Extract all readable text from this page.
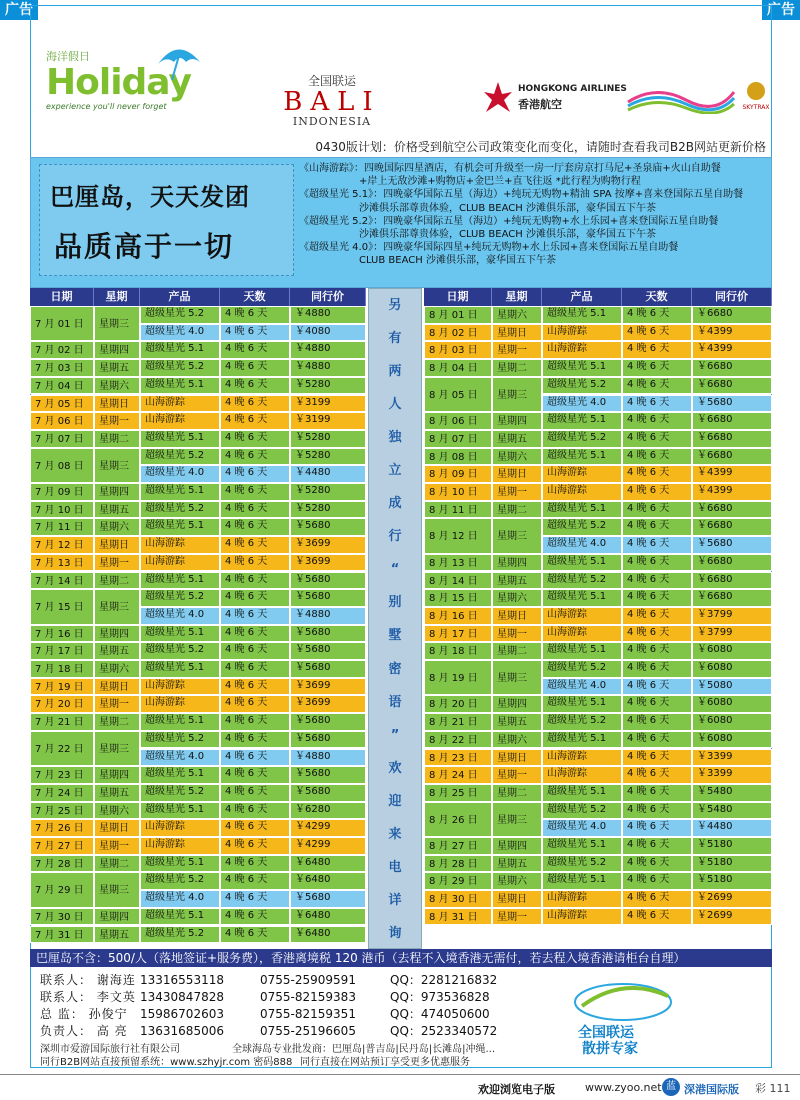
广告	广告
海洋假日
Holiday
experience you'll never forget
全国联运
BALI
INDONESIA
HONGKONG AIRLINES
香港航空	SKYTRAX
0430版计划：价格受到航空公司政策变化而变化，请随时查看我司B2B网站更新价格
巴厘岛，天天发团
品质高于一切
《山海游踪》：四晚国际四星酒店，有机会可升级至一房一厅套房京打马尼+圣泉庙+火山自助餐
+岸上无敌沙滩+购物店+金巴兰+直飞往返 *此行程为购物行程
《超级星光 5.1》：四晚豪华国际五星（海边）+纯玩无购物+精油 SPA 按摩+喜来登国际五星自助餐
沙滩俱乐部尊贵体验，CLUB BEACH 沙滩俱乐部，豪华国五下午茶
《超级星光 5.2》：四晚豪华国际五星（海边）+纯玩无购物+水上乐园+喜来登国际五星自助餐
沙滩俱乐部尊贵体验，CLUB BEACH 沙滩俱乐部，豪华国五下午茶
《超级星光 4.0》：四晚豪华国际四星+纯玩无购物+水上乐园+喜来登国际五星自助餐
CLUB BEACH 沙滩俱乐部，豪华国五下午茶
日期	星期	产品	天数	同行价
7 月 01 日	星期三
超级星光 5.2	4 晚 6 天	￥4880
超级星光 4.0	4 晚 6 天	￥4080
7 月 02 日	星期四	超级星光 5.1	4 晚 6 天	￥4880
7 月 03 日	星期五	超级星光 5.2	4 晚 6 天	￥4880
7 月 04 日	星期六	超级星光 5.1	4 晚 6 天	￥5280
7 月 05 日	星期日	山海游踪	4 晚 6 天	￥3199
7 月 06 日	星期一	山海游踪	4 晚 6 天	￥3199
7 月 07 日	星期二	超级星光 5.1	4 晚 6 天	￥5280
7 月 08 日	星期三
超级星光 5.2	4 晚 6 天	￥5280
超级星光 4.0	4 晚 6 天	￥4480
7 月 09 日	星期四	超级星光 5.1	4 晚 6 天	￥5280
7 月 10 日	星期五	超级星光 5.2	4 晚 6 天	￥5280
7 月 11 日	星期六	超级星光 5.1	4 晚 6 天	￥5680
7 月 12 日	星期日	山海游踪	4 晚 6 天	￥3699
7 月 13 日	星期一	山海游踪	4 晚 6 天	￥3699
7 月 14 日	星期二	超级星光 5.1	4 晚 6 天	￥5680
7 月 15 日	星期三
超级星光 5.2	4 晚 6 天	￥5680
超级星光 4.0	4 晚 6 天	￥4880
7 月 16 日	星期四	超级星光 5.1	4 晚 6 天	￥5680
7 月 17 日	星期五	超级星光 5.2	4 晚 6 天	￥5680
7 月 18 日	星期六	超级星光 5.1	4 晚 6 天	￥5680
7 月 19 日	星期日	山海游踪	4 晚 6 天	￥3699
7 月 20 日	星期一	山海游踪	4 晚 6 天	￥3699
7 月 21 日	星期二	超级星光 5.1	4 晚 6 天	￥5680
7 月 22 日	星期三
超级星光 5.2	4 晚 6 天	￥5680
超级星光 4.0	4 晚 6 天	￥4880
7 月 23 日	星期四	超级星光 5.1	4 晚 6 天	￥5680
7 月 24 日	星期五	超级星光 5.2	4 晚 6 天	￥5680
7 月 25 日	星期六	超级星光 5.1	4 晚 6 天	￥6280
7 月 26 日	星期日	山海游踪	4 晚 6 天	￥4299
7 月 27 日	星期一	山海游踪	4 晚 6 天	￥4299
7 月 28 日	星期二	超级星光 5.1	4 晚 6 天	￥6480
7 月 29 日	星期三
超级星光 5.2	4 晚 6 天	￥6480
超级星光 4.0	4 晚 6 天	￥5680
7 月 30 日	星期四	超级星光 5.1	4 晚 6 天	￥6480
7 月 31 日	星期五	超级星光 5.2	4 晚 6 天	￥6480
另
有
两
人
独
立
成
行
“
别
墅
密
语
”
欢
迎
来
电
详
询
日期	星期	产品	天数	同行价
8 月 01 日	星期六	超级星光 5.1	4 晚 6 天	￥6680
8 月 02 日	星期日	山海游踪	4 晚 6 天	￥4399
8 月 03 日	星期一	山海游踪	4 晚 6 天	￥4399
8 月 04 日	星期二	超级星光 5.1	4 晚 6 天	￥6680
8 月 05 日	星期三
超级星光 5.2	4 晚 6 天	￥6680
超级星光 4.0	4 晚 6 天	￥5680
8 月 06 日	星期四	超级星光 5.1	4 晚 6 天	￥6680
8 月 07 日	星期五	超级星光 5.2	4 晚 6 天	￥6680
8 月 08 日	星期六	超级星光 5.1	4 晚 6 天	￥6680
8 月 09 日	星期日	山海游踪	4 晚 6 天	￥4399
8 月 10 日	星期一	山海游踪	4 晚 6 天	￥4399
8 月 11 日	星期二	超级星光 5.1	4 晚 6 天	￥6680
8 月 12 日	星期三
超级星光 5.2	4 晚 6 天	￥6680
超级星光 4.0	4 晚 6 天	￥5680
8 月 13 日	星期四	超级星光 5.1	4 晚 6 天	￥6680
8 月 14 日	星期五	超级星光 5.2	4 晚 6 天	￥6680
8 月 15 日	星期六	超级星光 5.1	4 晚 6 天	￥6680
8 月 16 日	星期日	山海游踪	4 晚 6 天	￥3799
8 月 17 日	星期一	山海游踪	4 晚 6 天	￥3799
8 月 18 日	星期二	超级星光 5.1	4 晚 6 天	￥6080
8 月 19 日	星期三
超级星光 5.2	4 晚 6 天	￥6080
超级星光 4.0	4 晚 6 天	￥5080
8 月 20 日	星期四	超级星光 5.1	4 晚 6 天	￥6080
8 月 21 日	星期五	超级星光 5.2	4 晚 6 天	￥6080
8 月 22 日	星期六	超级星光 5.1	4 晚 6 天	￥6080
8 月 23 日	星期日	山海游踪	4 晚 6 天	￥3399
8 月 24 日	星期一	山海游踪	4 晚 6 天	￥3399
8 月 25 日	星期二	超级星光 5.1	4 晚 6 天	￥5480
8 月 26 日	星期三
超级星光 5.2	4 晚 6 天	￥5480
超级星光 4.0	4 晚 6 天	￥4480
8 月 27 日	星期四	超级星光 5.1	4 晚 6 天	￥5180
8 月 28 日	星期五	超级星光 5.2	4 晚 6 天	￥5180
8 月 29 日	星期六	超级星光 5.1	4 晚 6 天	￥5180
8 月 30 日	星期日	山海游踪	4 晚 6 天	￥2699
8 月 31 日	星期一	山海游踪	4 晚 6 天	￥2699
巴厘岛不含：500/人（落地签证+服务费），香港离境税 120 港币（去程不入境香港无需付，若去程入境香港请柜台自理）
联系人： 谢海连 13316553118	0755-25909591	QQ：2281216832
联系人： 李文英 13430847828	0755-82159383	QQ：973536828
总 监： 孙俊宁	15986702603	0755-82159351	QQ：474050600
负责人： 高 亮	13631685006	0755-25196605	QQ：2523340572
深圳市爱游国际旅行社有限公司	全球海岛专业批发商：巴厘岛|普吉岛|民丹岛|长滩岛|冲绳...
同行B2B网站直接预留系统：www.szhyjr.com 密码888 同行直接在网站预订享受更多优惠服务
全国联运
散拼专家
欢迎浏览电子版	www.zyoo.net 蓝 深港国际版 彩 111
